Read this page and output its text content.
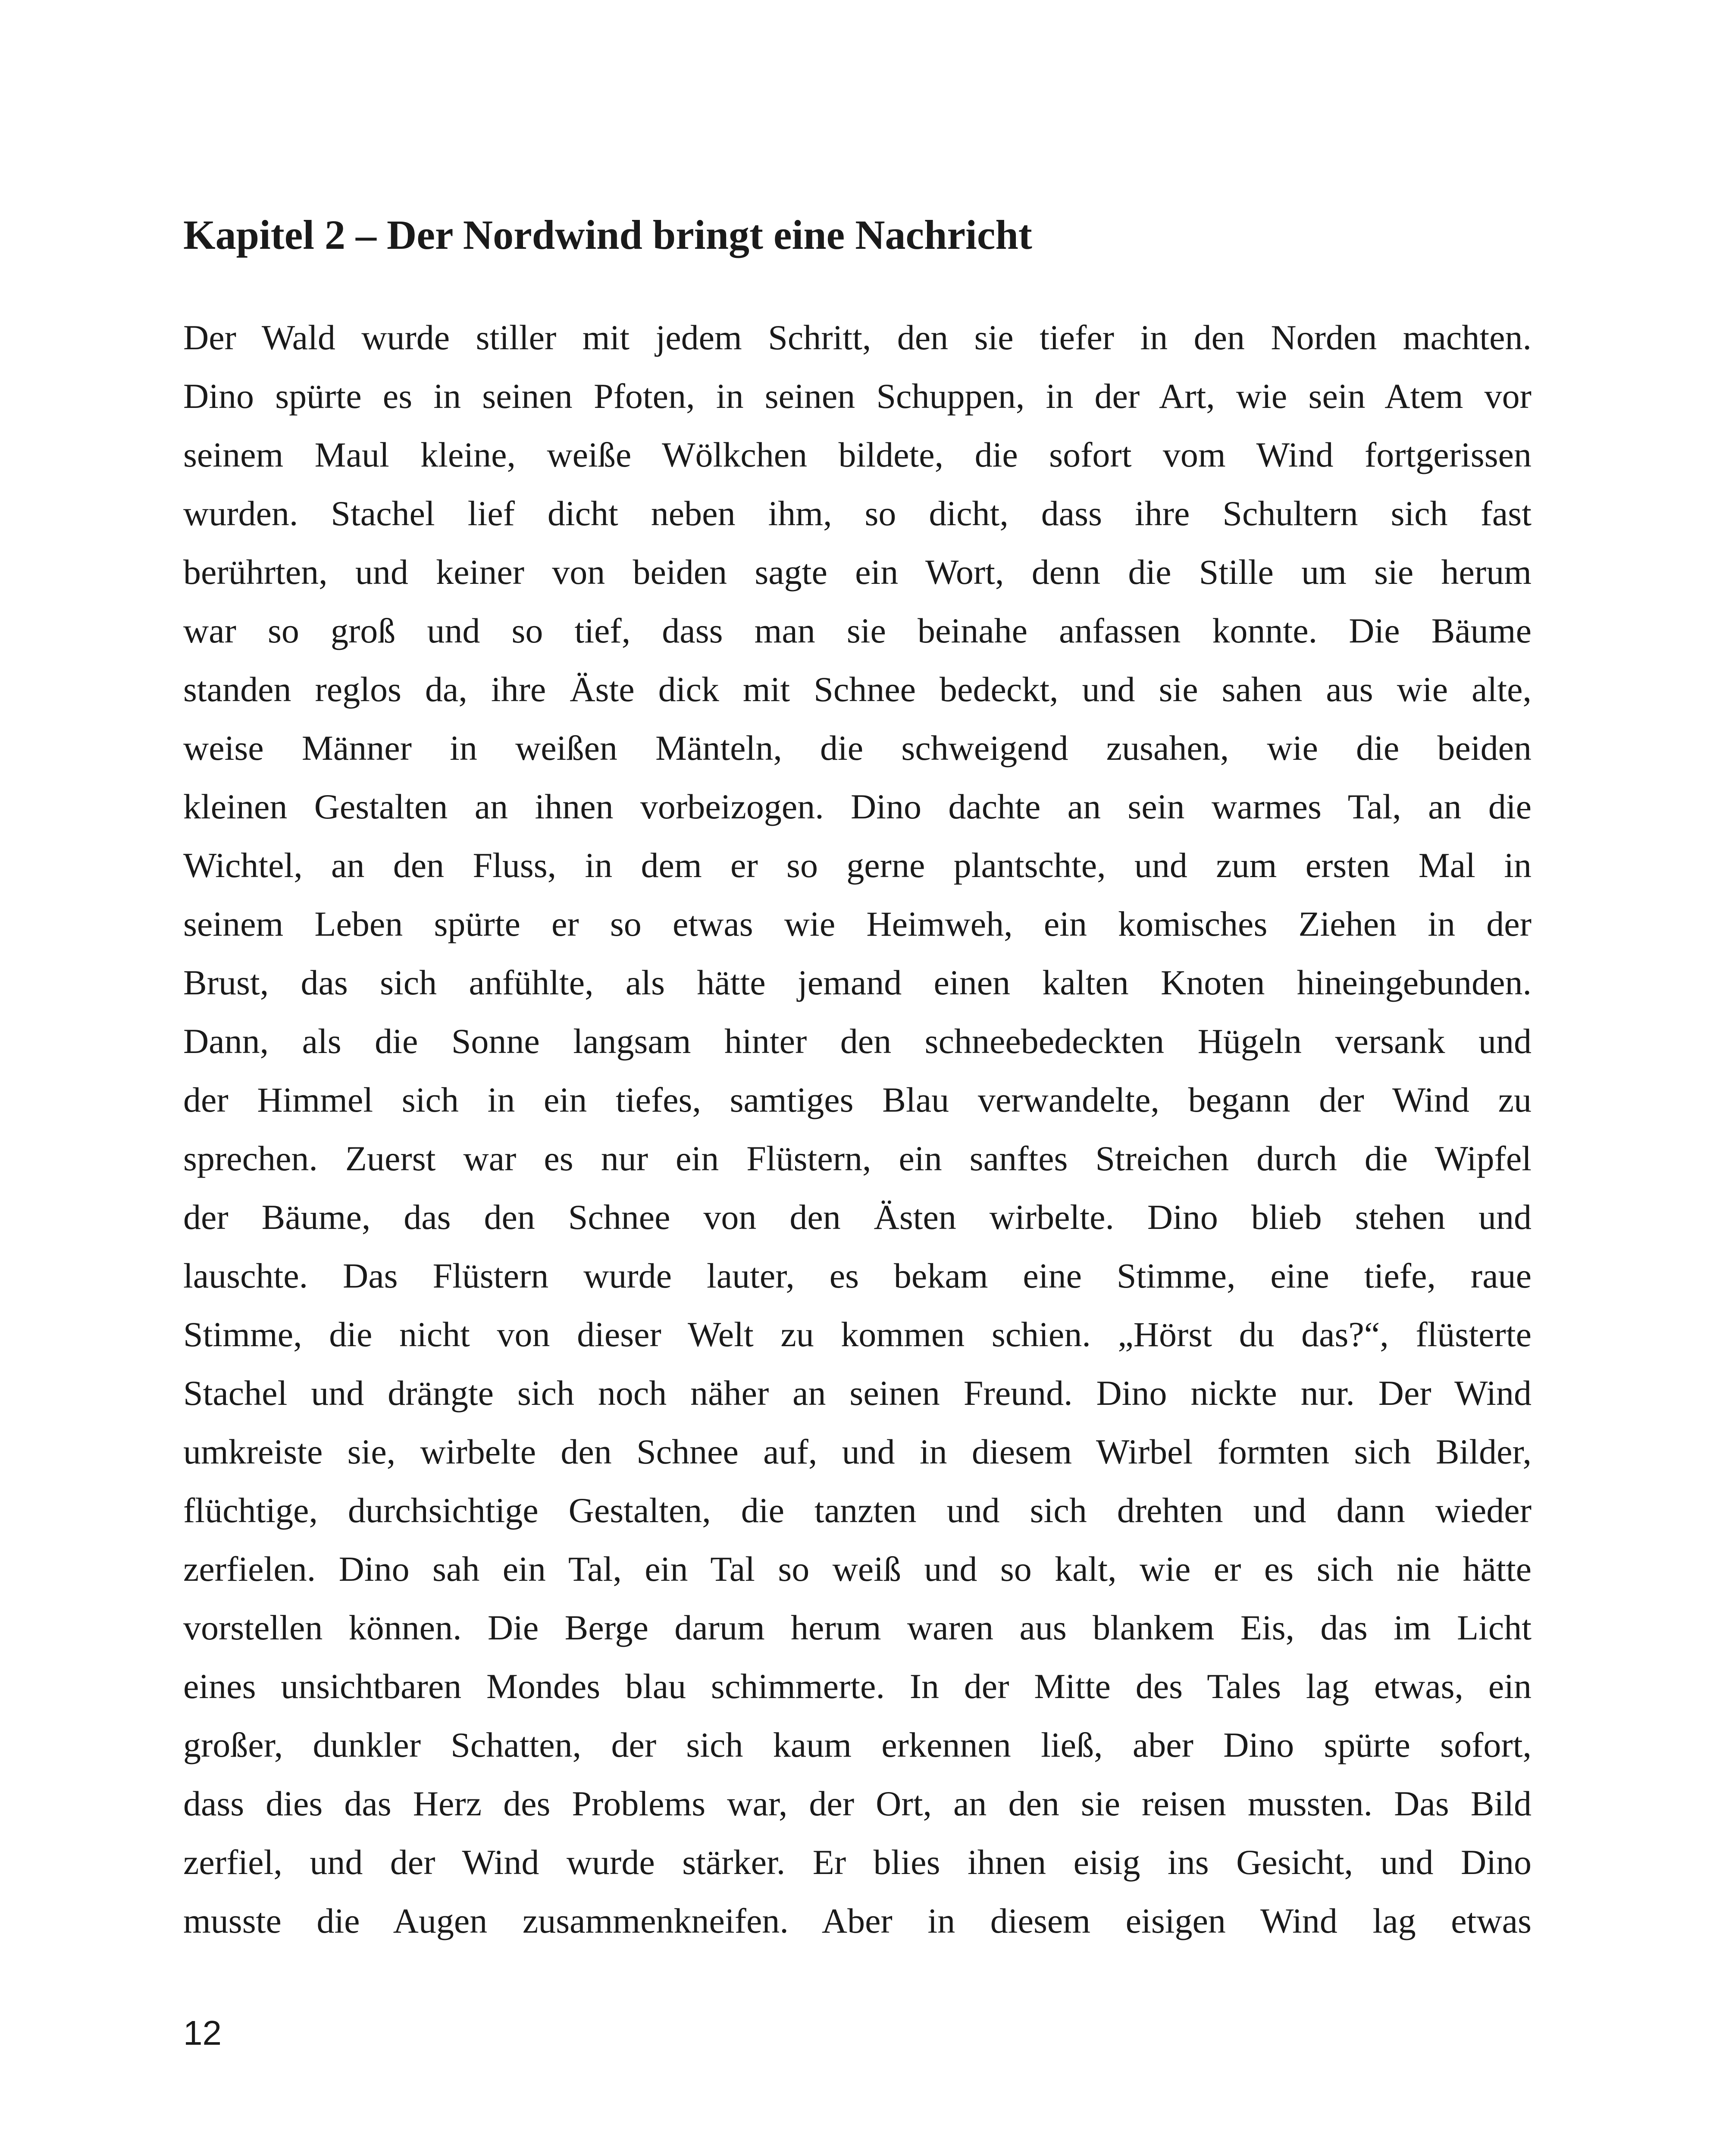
Kapitel 2 – Der Nordwind bringt eine Nachricht
Der Wald wurde stiller mit jedem Schritt, den sie tiefer in den Norden machten.
Dino spürte es in seinen Pfoten, in seinen Schuppen, in der Art, wie sein Atem vor
seinem Maul kleine, weiße Wölkchen bildete, die sofort vom Wind fortgerissen
wurden. Stachel lief dicht neben ihm, so dicht, dass ihre Schultern sich fast
berührten, und keiner von beiden sagte ein Wort, denn die Stille um sie herum
war so groß und so tief, dass man sie beinahe anfassen konnte. Die Bäume
standen reglos da, ihre Äste dick mit Schnee bedeckt, und sie sahen aus wie alte,
weise Männer in weißen Mänteln, die schweigend zusahen, wie die beiden
kleinen Gestalten an ihnen vorbeizogen. Dino dachte an sein warmes Tal, an die
Wichtel, an den Fluss, in dem er so gerne plantschte, und zum ersten Mal in
seinem Leben spürte er so etwas wie Heimweh, ein komisches Ziehen in der
Brust, das sich anfühlte, als hätte jemand einen kalten Knoten hineingebunden.
Dann, als die Sonne langsam hinter den schneebedeckten Hügeln versank und
der Himmel sich in ein tiefes, samtiges Blau verwandelte, begann der Wind zu
sprechen. Zuerst war es nur ein Flüstern, ein sanftes Streichen durch die Wipfel
der Bäume, das den Schnee von den Ästen wirbelte. Dino blieb stehen und
lauschte. Das Flüstern wurde lauter, es bekam eine Stimme, eine tiefe, raue
Stimme, die nicht von dieser Welt zu kommen schien. „Hörst du das?“, flüsterte
Stachel und drängte sich noch näher an seinen Freund. Dino nickte nur. Der Wind
umkreiste sie, wirbelte den Schnee auf, und in diesem Wirbel formten sich Bilder,
flüchtige, durchsichtige Gestalten, die tanzten und sich drehten und dann wieder
zerfielen. Dino sah ein Tal, ein Tal so weiß und so kalt, wie er es sich nie hätte
vorstellen können. Die Berge darum herum waren aus blankem Eis, das im Licht
eines unsichtbaren Mondes blau schimmerte. In der Mitte des Tales lag etwas, ein
großer, dunkler Schatten, der sich kaum erkennen ließ, aber Dino spürte sofort,
dass dies das Herz des Problems war, der Ort, an den sie reisen mussten. Das Bild
zerfiel, und der Wind wurde stärker. Er blies ihnen eisig ins Gesicht, und Dino
musste die Augen zusammenkneifen. Aber in diesem eisigen Wind lag etwas
12
